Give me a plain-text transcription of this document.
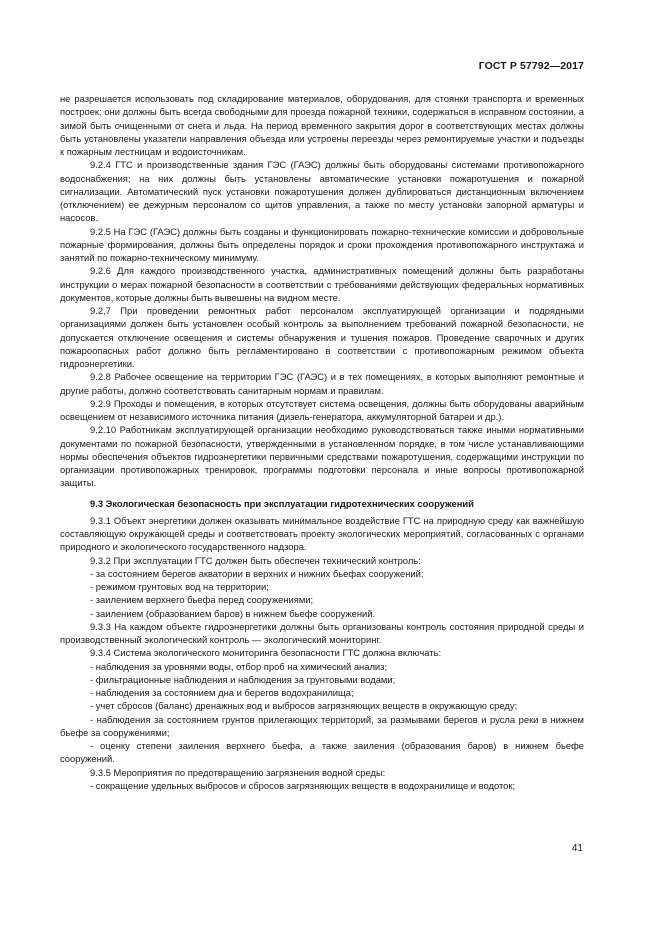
ГОСТ Р 57792—2017

не разрешается использовать под складирование материалов, оборудования, для стоянки транспорта и временных построек; они должны быть всегда свободными для проезда пожарной техники, содержаться в исправном состоянии, а зимой быть очищенными от снега и льда. На период временного закрытия дорог в соответствующих местах должны быть установлены указатели направления объезда или устроены переезды через ремонтируемые участки и подъезды к пожарным лестницам и водоисточникам.

9.2.4 ГТС и производственные здания ГЭС (ГАЭС) должны быть оборудованы системами противопожарного водоснабжения; на них должны быть установлены автоматические установки пожаротушения и пожарной сигнализации. Автоматический пуск установки пожаротушения должен дублироваться дистанционным включением (отключением) ее дежурным персоналом со щитов управления, а также по месту установки запорной арматуры и насосов.

9.2.5 На ГЭС (ГАЭС) должны быть созданы и функционировать пожарно-технические комиссии и добровольные пожарные формирования, должны быть определены порядок и сроки прохождения противопожарного инструктажа и занятий по пожарно-техническому минимуму.

9.2.6 Для каждого производственного участка, административных помещений должны быть разработаны инструкции о мерах пожарной безопасности в соответствии с требованиями действующих федеральных нормативных документов, которые должны быть вывешены на видном месте.

9.2,7 При проведении ремонтных работ персоналом эксплуатирующей организации и подрядными организациями должен быть установлен особый контроль за выполнением требований пожарной безопасности, не допускается отключение освещения и системы обнаружения и тушения пожаров. Проведение сварочных и других пожароопасных работ должно быть регламентировано в соответствии с противопожарным режимом объекта гидроэнергетики.

9.2.8 Рабочее освещение на территории ГЭС (ГАЭС) и в тех помещениях, в которых выполняют ремонтные и другие работы, должно соответствовать санитарным нормам и правилам.

9.2.9 Проходы и помещения, в которых отсутствует система освещения, должны быть оборудованы аварийным освещением от независимого источника питания (дизель-генератора, аккумуляторной батареи и др.).

9.2.10 Работникам эксплуатирующей организации необходимо руководствоваться также иными нормативными документами по пожарной безопасности, утвержденными в установленном порядке, в том числе устанавливающими нормы обеспечения объектов гидроэнергетики первичными средствами пожаротушения, содержащими инструкции по организации противопожарных тренировок, программы подготовки персонала и иные вопросы противопожарной защиты.

9.3 Экологическая безопасность при эксплуатации гидротехнических сооружений

9.3.1 Объект энергетики должен оказывать минимальное воздействие ГТС на природную среду как важнейшую составляющую окружающей среды и соответствовать проекту экологических мероприятий, согласованных с органами природного и экологического государственного надзора.

9.3.2 При эксплуатации ГТС должен быть обеспечен технический контроль:

- за состоянием берегов акватории в верхних и нижних бьефах сооружений;

- режимом грунтовых вод на территории;

- заилением верхнего бьефа перед сооружениями;

- заилением (образованием баров) в нижнем бьефе сооружений.

9.3.3 На каждом объекте гидроэнергетики должны быть организованы контроль состояния природной среды и производственный экологический контроль — экологический мониторинг.

9.3.4 Система экологического мониторинга безопасности ГТС должна включать:

- наблюдения за уровнями воды, отбор проб на химический анализ;

- фильтрационные наблюдения и наблюдения за грунтовыми водами;

- наблюдения за состоянием дна и берегов водохранилища;

- учет сбросов (баланс) дренажных вод и выбросов загрязняющих веществ в окружающую среду;

- наблюдения за состоянием грунтов прилегающих территорий, за размывами берегов и русла реки в нижнем бьефе за сооружениями;

- оценку степени заиления верхнего бьефа, а также заиления (образования баров) в нижнем бьефе сооружений.

9.3.5 Мероприятия по предотвращению загрязнения водной среды:

- сокращение удельных выбросов и сбросов загрязняющих веществ в водохранилище и водоток;

41
